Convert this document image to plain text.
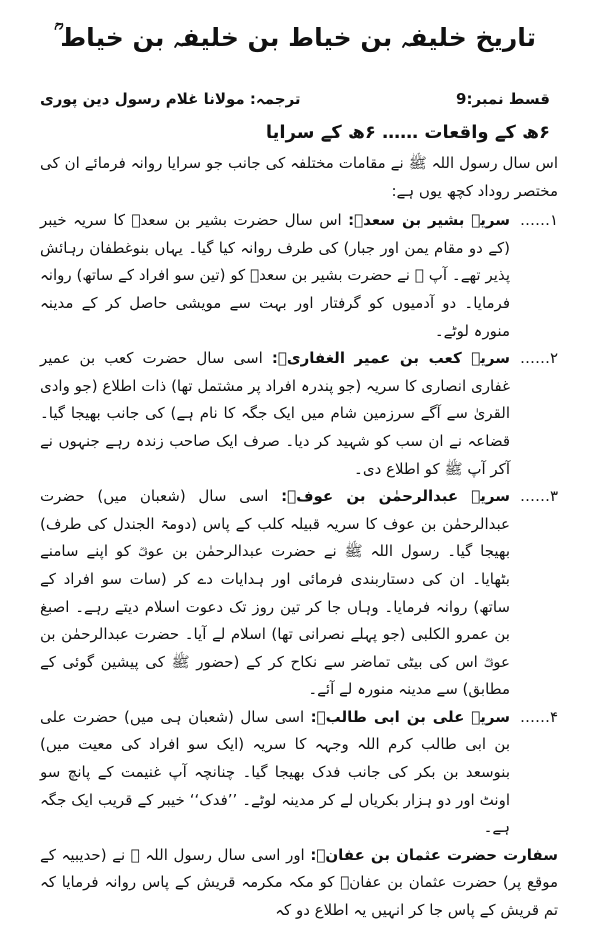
تاریخ خلیفہ بن خیاط بن خلیفہ بن خیاط ؒ
قسط نمبر:9
ترجمہ: مولانا غلام رسول دین پوری
۶ھ کے واقعات …… ۶ھ کے سرایا

اس سال رسول اللہ ﷺ نے مقامات مختلفہ کی جانب جو سرایا روانہ فرمائے ان کی مختصر روداد کچھ یوں ہے:

۱……
سریہ بشیر بن سعدؓ: اس سال حضرت بشیر بن سعدؓ کا سریہ خیبر (کے دو مقام یمن اور جبار) کی طرف روانہ کیا گیا۔ یہاں بنوغطفان رہائش پذیر تھے۔ آپ ﷺ نے حضرت بشیر بن سعدؓ کو (تین سو افراد کے ساتھ) روانہ فرمایا۔ دو آدمیوں کو گرفتار اور بہت سے مویشی حاصل کر کے مدینہ منورہ لوٹے۔
۲……
سریہ کعب بن عمیر الغفاریؓ: اسی سال حضرت کعب بن عمیر غفاری انصاری کا سریہ (جو پندرہ افراد پر مشتمل تھا) ذات اطلاع (جو وادی القریٰ سے آگے سرزمین شام میں ایک جگہ کا نام ہے) کی جانب بھیجا گیا۔ قضاعہ نے ان سب کو شہید کر دیا۔ صرف ایک صاحب زندہ رہے جنہوں نے آکر آپ ﷺ کو اطلاع دی۔
۳……
سریہ عبدالرحمٰن بن عوفؓ: اسی سال (شعبان میں) حضرت عبدالرحمٰن بن عوف کا سریہ قبیلہ کلب کے پاس (دومۃ الجندل کی طرف) بھیجا گیا۔ رسول اللہ ﷺ نے حضرت عبدالرحمٰن بن عوفؓ کو اپنے سامنے بٹھایا۔ ان کی دستاربندی فرمائی اور ہدایات دے کر (سات سو افراد کے ساتھ) روانہ فرمایا۔ وہاں جا کر تین روز تک دعوت اسلام دیتے رہے۔ اصبغ بن عمرو الکلبی (جو پہلے نصرانی تھا) اسلام لے آیا۔ حضرت عبدالرحمٰن بن عوفؓ اس کی بیٹی تماضر سے نکاح کر کے (حضور ﷺ کی پیشین گوئی کے مطابق) سے مدینہ منورہ لے آئے۔
۴……
سریہ علی بن ابی طالبؓ: اسی سال (شعبان ہی میں) حضرت علی بن ابی طالب کرم اللہ وجہہ کا سریہ (ایک سو افراد کی معیت میں) بنوسعد بن بکر کی جانب فدک بھیجا گیا۔ چنانچہ آپ غنیمت کے پانچ سو اونٹ اور دو ہزار بکریاں لے کر مدینہ لوٹے۔ ’’فدک‘‘ خیبر کے قریب ایک جگہ ہے۔

سفارت حضرت عثمان بن عفانؓ: اور اسی سال رسول اللہ ﷺ نے (حدیبیہ کے موقع پر) حضرت عثمان بن عفانؓ کو مکہ مکرمہ قریش کے پاس روانہ فرمایا کہ تم قریش کے پاس جا کر انہیں یہ اطلاع دو کہ
